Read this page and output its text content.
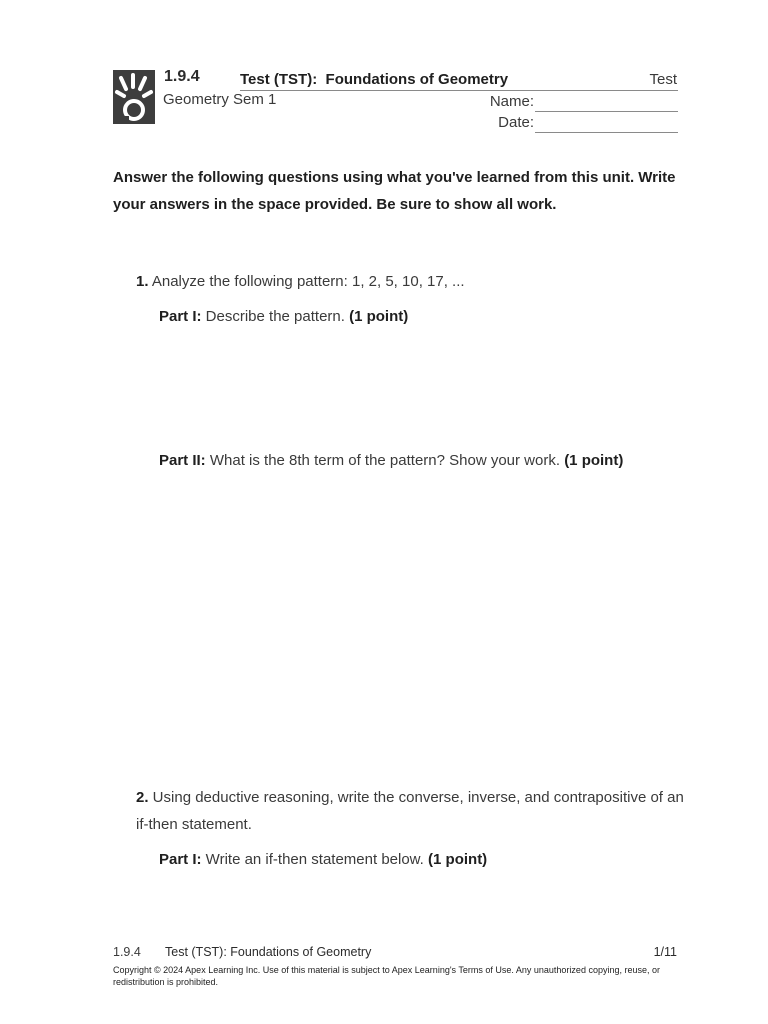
1.9.4
Geometry Sem 1
Test (TST):  Foundations of Geometry	Test
Name:
Date:
Answer the following questions using what you've learned from this unit. Write your answers in the space provided. Be sure to show all work.
1. Analyze the following pattern: 1, 2, 5, 10, 17, ...
Part I: Describe the pattern. (1 point)
Part II: What is the 8th term of the pattern? Show your work. (1 point)
2. Using deductive reasoning, write the converse, inverse, and contrapositive of an if-then statement.
Part I: Write an if-then statement below. (1 point)
1.9.4 Test (TST): Foundations of Geometry	1/11
Copyright © 2024 Apex Learning Inc. Use of this material is subject to Apex Learning's Terms of Use. Any unauthorized copying, reuse, or redistribution is prohibited.
